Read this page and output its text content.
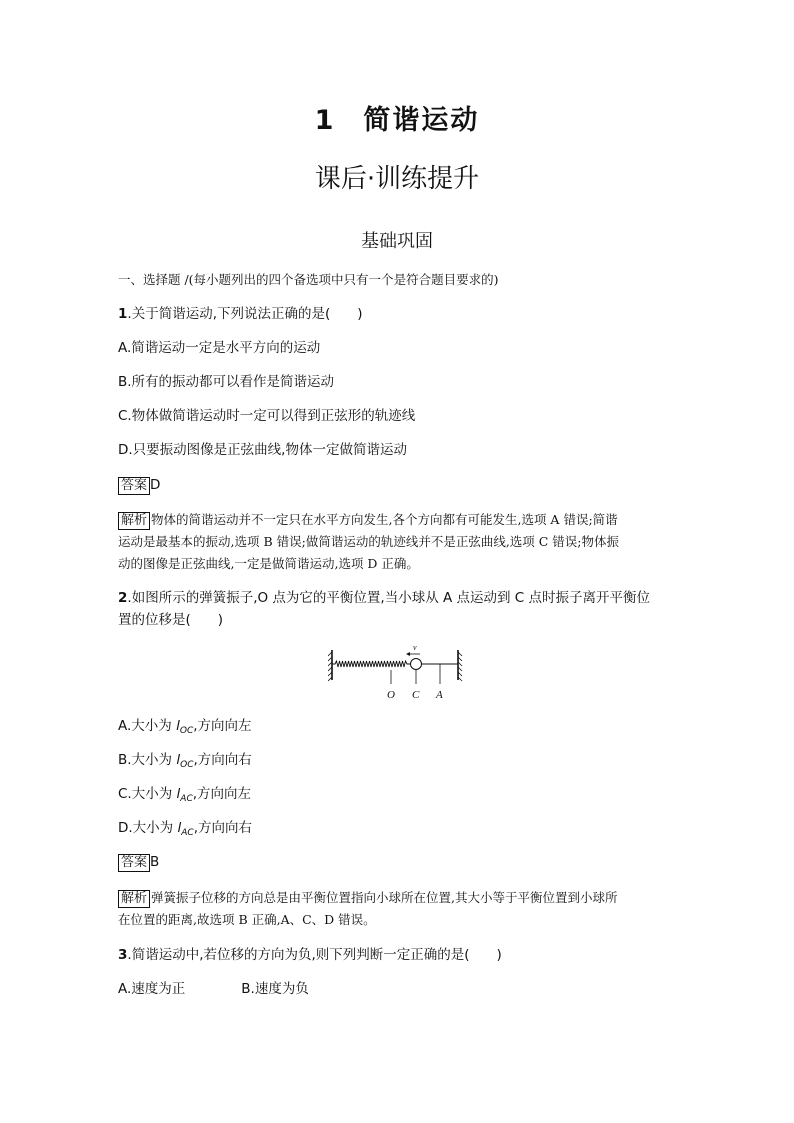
1 简谐运动
课后·训练提升
基础巩固
一、选择题 /(每小题列出的四个备选项中只有一个是符合题目要求的)
1.关于简谐运动,下列说法正确的是(　　)
A.简谐运动一定是水平方向的运动
B.所有的振动都可以看作是简谐运动
C.物体做简谐运动时一定可以得到正弦形的轨迹线
D.只要振动图像是正弦曲线,物体一定做简谐运动
答案 D
解析 物体的简谐运动并不一定只在水平方向发生,各个方向都有可能发生,选项 A 错误;简谐
运动是最基本的振动,选项 B 错误;做简谐运动的轨迹线并不是正弦曲线,选项 C 错误;物体振
动的图像是正弦曲线,一定是做简谐运动,选项 D 正确。
2.如图所示的弹簧振子,O 点为它的平衡位置,当小球从 A 点运动到 C 点时振子离开平衡位
置的位移是(　　)
v
O C A
A.大小为 $l_{OC}$,方向向左
B.大小为 $l_{OC}$,方向向右
C.大小为 $l_{AC}$,方向向左
D.大小为 $l_{AC}$,方向向右
答案 B
解析 弹簧振子位移的方向总是由平衡位置指向小球所在位置,其大小等于平衡位置到小球所
在位置的距离,故选项 B 正确,A、C、D 错误。
3.简谐运动中,若位移的方向为负,则下列判断一定正确的是(　　)
A.速度为正	B.速度为负
